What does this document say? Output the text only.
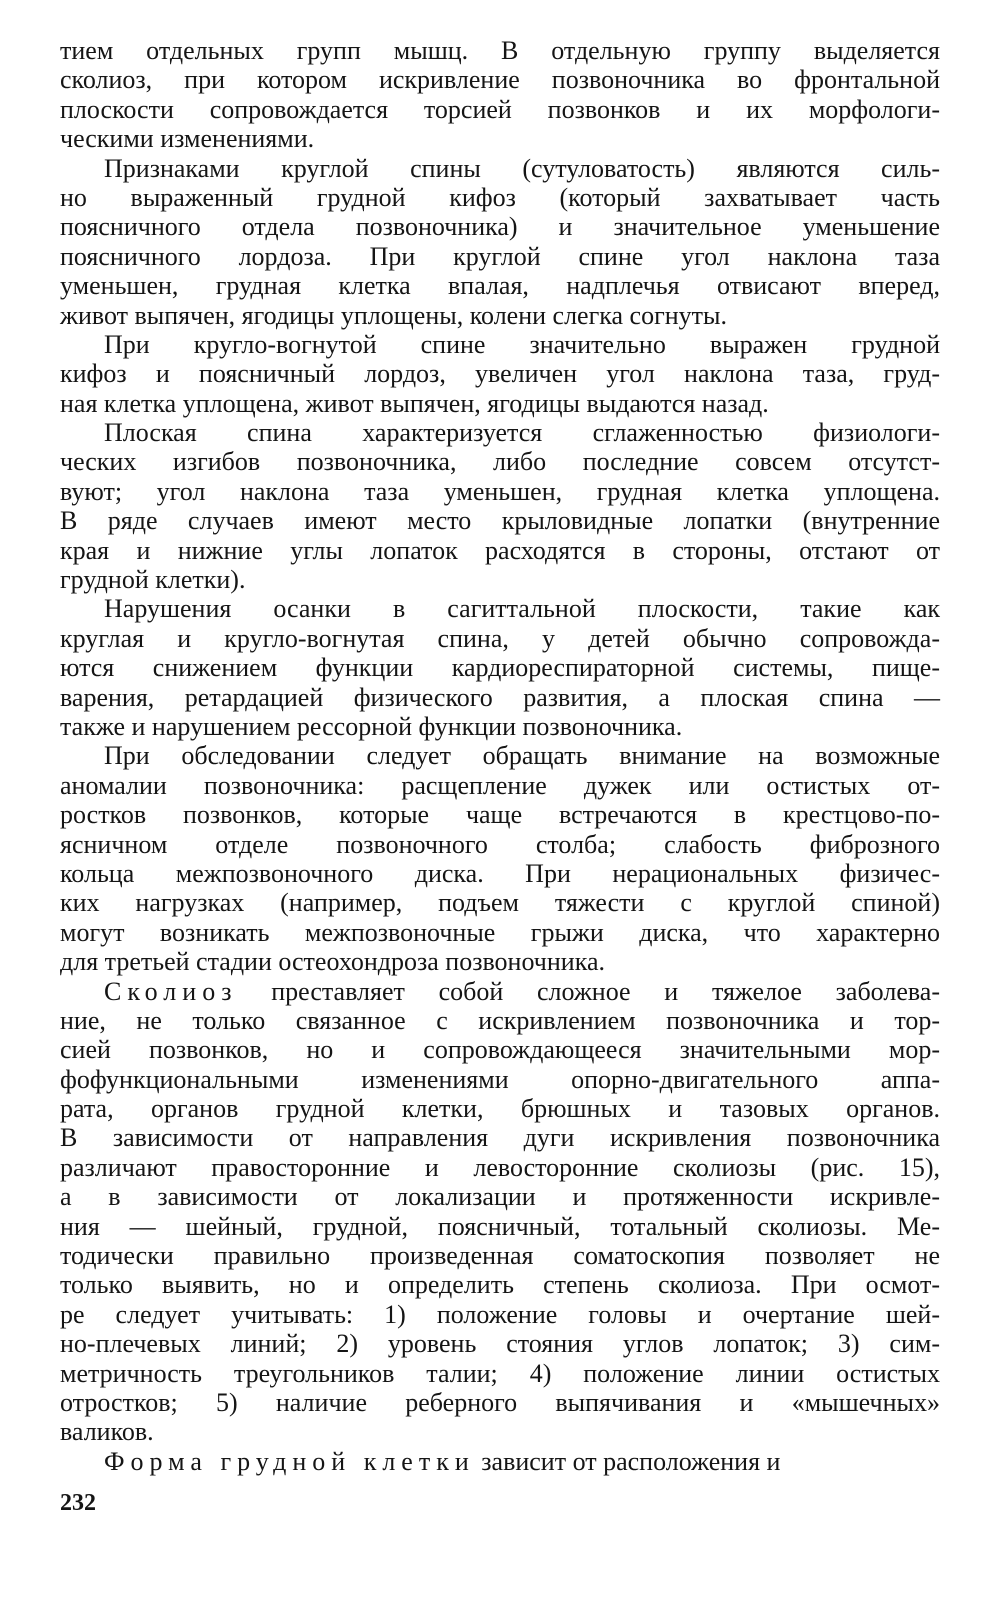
тием отдельных групп мышц. В отдельную группу выделяется
сколиоз, при котором искривление позвоночника во фронтальной
плоскости сопровождается торсией позвонков и их морфологи-
ческими изменениями.
Признаками круглой спины (сутуловатость) являются силь-
но выраженный грудной кифоз (который захватывает часть
поясничного отдела позвоночника) и значительное уменьшение
поясничного лордоза. При круглой спине угол наклона таза
уменьшен, грудная клетка впалая, надплечья отвисают вперед,
живот выпячен, ягодицы уплощены, колени слегка согнуты.
При кругло-вогнутой спине значительно выражен грудной
кифоз и поясничный лордоз, увеличен угол наклона таза, груд-
ная клетка уплощена, живот выпячен, ягодицы выдаются назад.
Плоская спина характеризуется сглаженностью физиологи-
ческих изгибов позвоночника, либо последние совсем отсутст-
вуют; угол наклона таза уменьшен, грудная клетка уплощена.
В ряде случаев имеют место крыловидные лопатки (внутренние
края и нижние углы лопаток расходятся в стороны, отстают от
грудной клетки).
Нарушения осанки в сагиттальной плоскости, такие как
круглая и кругло-вогнутая спина, у детей обычно сопровожда-
ются снижением функции кардиореспираторной системы, пище-
варения, ретардацией физического развития, а плоская спина —
также и нарушением рессорной функции позвоночника.
При обследовании следует обращать внимание на возможные
аномалии позвоночника: расщепление дужек или остистых от-
ростков позвонков, которые чаще встречаются в крестцово-по-
ясничном отделе позвоночного столба; слабость фиброзного
кольца межпозвоночного диска. При нерациональных физичес-
ких нагрузках (например, подъем тяжести с круглой спиной)
могут возникать межпозвоночные грыжи диска, что характерно
для третьей стадии остеохондроза позвоночника.
Сколиоз преставляет собой сложное и тяжелое заболева-
ние, не только связанное с искривлением позвоночника и тор-
сией позвонков, но и сопровождающееся значительными мор-
фофункциональными изменениями опорно-двигательного аппа-
рата, органов грудной клетки, брюшных и тазовых органов.
В зависимости от направления дуги искривления позвоночника
различают правосторонние и левосторонние сколиозы (рис. 15),
а в зависимости от локализации и протяженности искривле-
ния — шейный, грудной, поясничный, тотальный сколиозы. Ме-
тодически правильно произведенная соматоскопия позволяет не
только выявить, но и определить степень сколиоза. При осмот-
ре следует учитывать: 1) положение головы и очертание шей-
но-плечевых линий; 2) уровень стояния углов лопаток; 3) сим-
метричность треугольников талии; 4) положение линии остистых
отростков; 5) наличие реберного выпячивания и «мышечных»
валиков.
Форма грудной клетки зависит от расположения и
232
